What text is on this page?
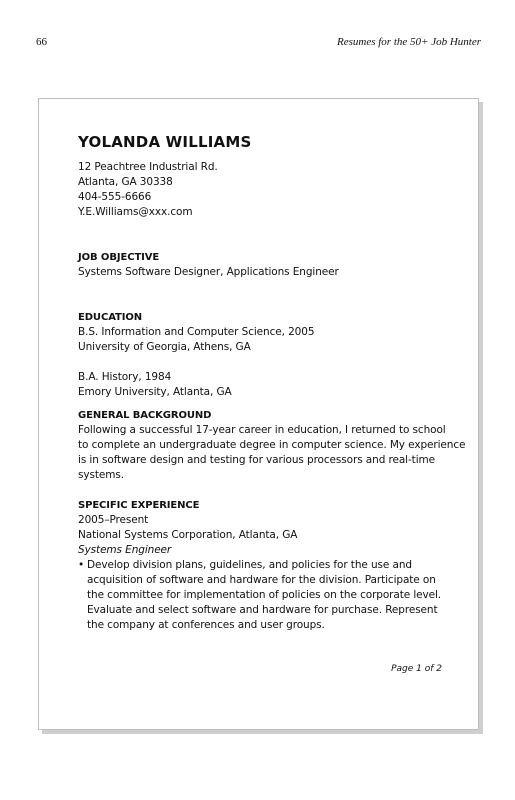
66	Resumes for the 50+ Job Hunter
YOLANDA WILLIAMS
12 Peachtree Industrial Rd.
Atlanta, GA 30338
404-555-6666
Y.E.Williams@xxx.com
JOB OBJECTIVE
Systems Software Designer, Applications Engineer
EDUCATION
B.S. Information and Computer Science, 2005
University of Georgia, Athens, GA
B.A. History, 1984
Emory University, Atlanta, GA
GENERAL BACKGROUND
Following a successful 17-year career in education, I returned to school
to complete an undergraduate degree in computer science. My experience
is in software design and testing for various processors and real-time
systems.
SPECIFIC EXPERIENCE
2005–Present
National Systems Corporation, Atlanta, GA
Systems Engineer
• Develop division plans, guidelines, and policies for the use and
acquisition of software and hardware for the division. Participate on
the committee for implementation of policies on the corporate level.
Evaluate and select software and hardware for purchase. Represent
the company at conferences and user groups.
Page 1 of 2
